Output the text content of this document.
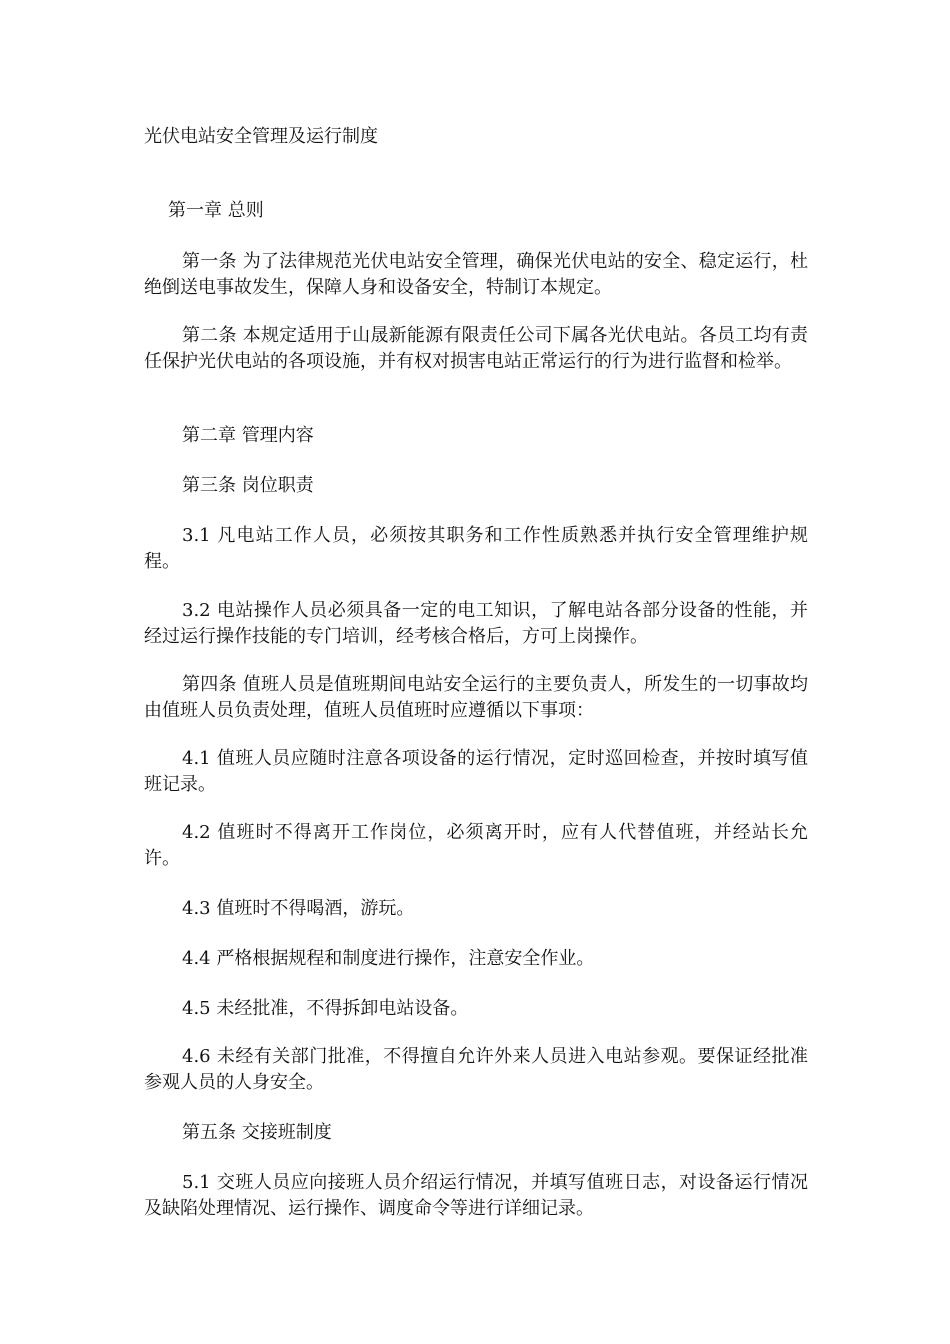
光伏电站安全管理及运行制度

第一章 总则

第一条 为了法律规范光伏电站安全管理，确保光伏电站的安全、稳定运行，杜绝倒送电事故发生，保障人身和设备安全，特制订本规定。

第二条 本规定适用于山晟新能源有限责任公司下属各光伏电站。各员工均有责任保护光伏电站的各项设施，并有权对损害电站正常运行的行为进行监督和检举。

第二章 管理内容

第三条 岗位职责

3.1 凡电站工作人员，必须按其职务和工作性质熟悉并执行安全管理维护规程。

3.2 电站操作人员必须具备一定的电工知识，了解电站各部分设备的性能，并经过运行操作技能的专门培训，经考核合格后，方可上岗操作。

第四条 值班人员是值班期间电站安全运行的主要负责人，所发生的一切事故均由值班人员负责处理，值班人员值班时应遵循以下事项：

4.1 值班人员应随时注意各项设备的运行情况，定时巡回检查，并按时填写值班记录。

4.2 值班时不得离开工作岗位，必须离开时，应有人代替值班，并经站长允许。

4.3 值班时不得喝酒，游玩。

4.4 严格根据规程和制度进行操作，注意安全作业。

4.5 未经批准，不得拆卸电站设备。

4.6 未经有关部门批准，不得擅自允许外来人员进入电站参观。要保证经批准参观人员的人身安全。

第五条 交接班制度

5.1 交班人员应向接班人员介绍运行情况，并填写值班日志，对设备运行情况及缺陷处理情况、运行操作、调度命令等进行详细记录。
